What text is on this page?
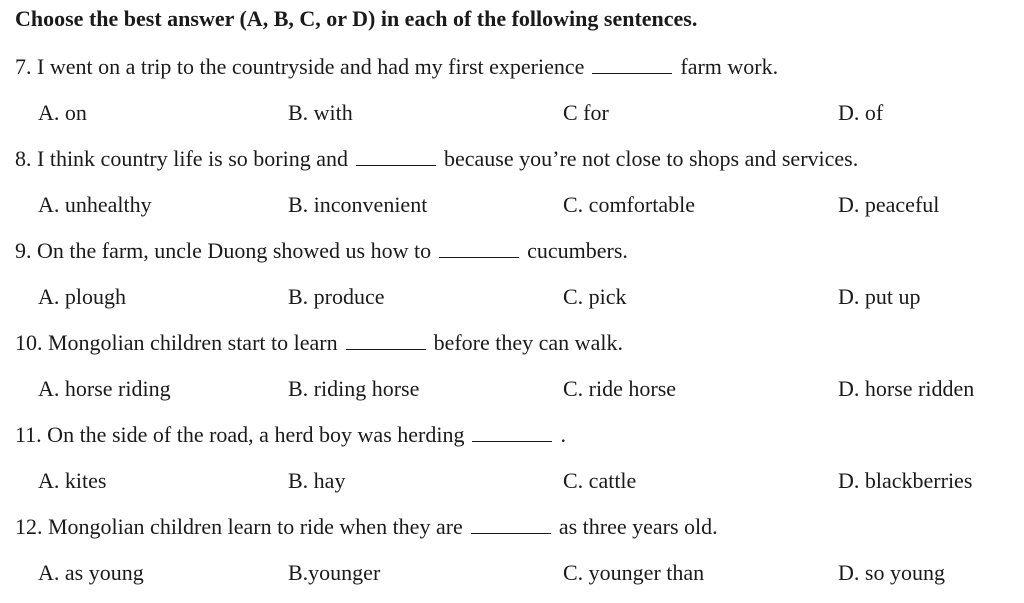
Choose the best answer (A, B, C, or D) in each of the following sentences.
7. I went on a trip to the countryside and had my first experience	farm work.
A. on	B. with	C for	D. of
8. I think country life is so boring and	because you’re not close to shops and services.
A. unhealthy	B. inconvenient	C. comfortable	D. peaceful
9. On the farm, uncle Duong showed us how to	cucumbers.
A. plough	B. produce	C. pick	D. put up
10. Mongolian children start to learn	before they can walk.
A. horse riding	B. riding horse	C. ride horse	D. horse ridden
11. On the side of the road, a herd boy was herding	.
A. kites	B. hay	C. cattle	D. blackberries
12. Mongolian children learn to ride when they are	as three years old.
A. as young	B.younger	C. younger than	D. so young
